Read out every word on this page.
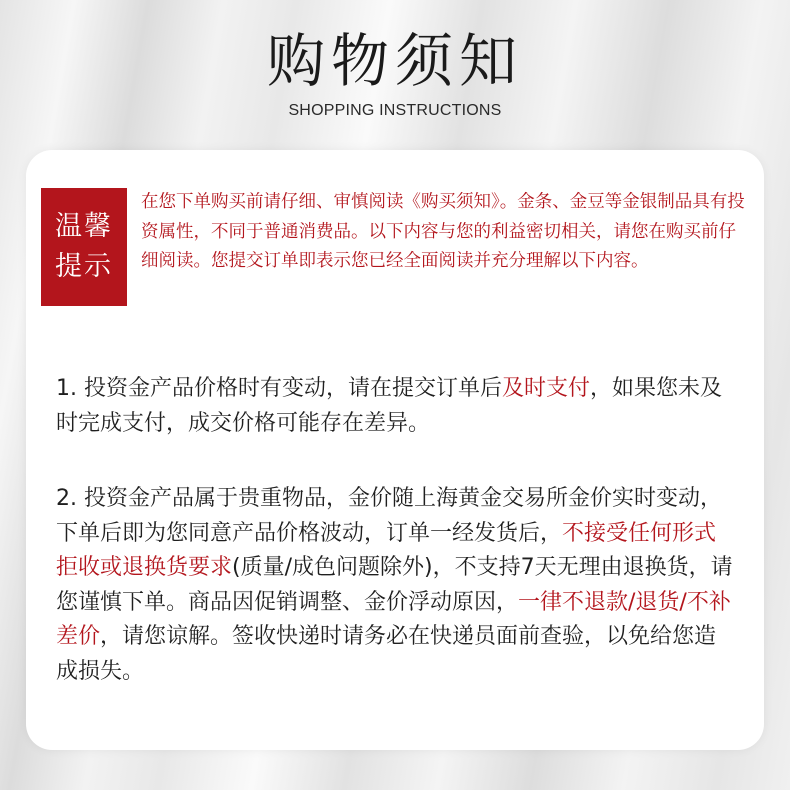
购物须知
SHOPPING INSTRUCTIONS
温馨
提示

在您下单购买前请仔细、审慎阅读《购买须知》。金条、金豆等金银制品具有投资属性，不同于普通消费品。以下内容与您的利益密切相关，请您在购买前仔细阅读。您提交订单即表示您已经全面阅读并充分理解以下内容。

1. 投资金产品价格时有变动，请在提交订单后及时支付，如果您未及时完成支付，成交价格可能存在差异。

2. 投资金产品属于贵重物品，金价随上海黄金交易所金价实时变动，下单后即为您同意产品价格波动，订单一经发货后，不接受任何形式拒收或退换货要求(质量/成色问题除外)，不支持7天无理由退换货，请您谨慎下单。商品因促销调整、金价浮动原因，一律不退款/退货/不补差价，请您谅解。签收快递时请务必在快递员面前查验，以免给您造成损失。
